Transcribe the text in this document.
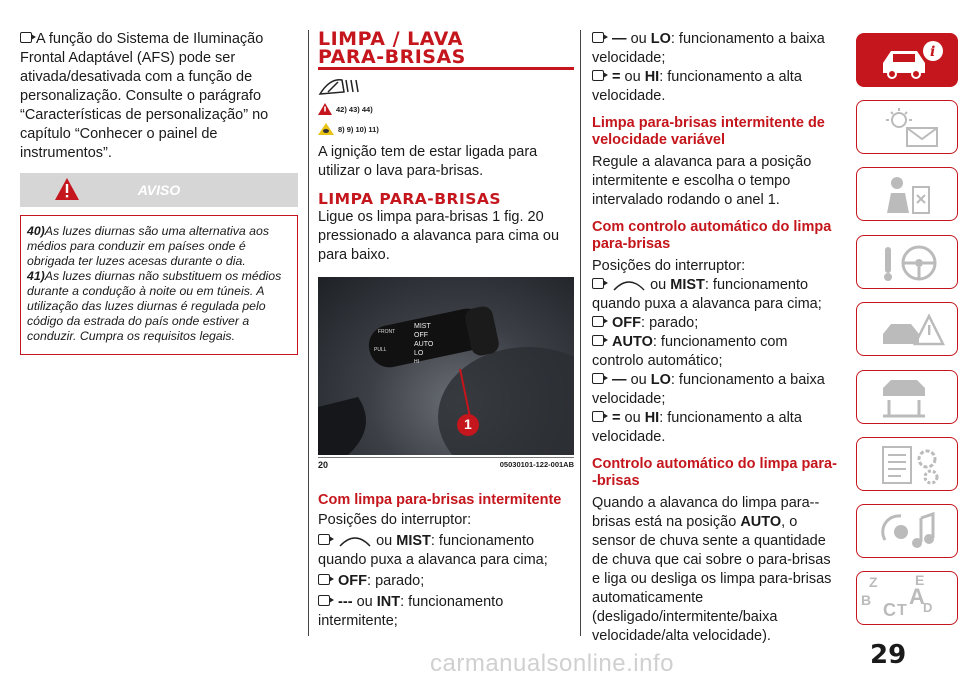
A função do Sistema de Iluminação Frontal Adaptável (AFS) pode ser ativada/desativada com a função de personalização. Consulte o parágrafo “Características de personalização” no capítulo “Conhecer o painel de instrumentos”.

AVISO

40)As luzes diurnas são uma alternativa aos médios para conduzir em países onde é obrigada ter luzes acesas durante o dia.

41)As luzes diurnas não substituem os médios durante a condução à noite ou em túneis. A utilização das luzes diurnas é regulada pelo código da estrada do país onde estiver a conduzir. Cumpra os requisitos legais.

LIMPA / LAVA
PARA-BRISAS
42) 43) 44)
8) 9) 10) 11)

A ignição tem de estar ligada para utilizar o lava para-brisas.

LIMPA PARA-BRISAS

Ligue os limpa para-brisas 1 fig. 20 pressionado a alavanca para cima ou para baixo.

FRONT
PULL
MIST
OFF
AUTO
LO
HI
1
20	05030101-122-001AB
Com limpa para-brisas intermitente

Posições do interruptor:

ou MIST: funcionamento quando puxa a alavanca para cima;

OFF: parado;

--- ou INT: funcionamento intermitente;

— ou LO: funcionamento a baixa velocidade;

= ou HI: funcionamento a alta velocidade.

Limpa para-brisas intermitente de velocidade variável

Regule a alavanca para a posição intermitente e escolha o tempo intervalado rodando o anel 1.

Com controlo automático do limpa para-brisas

Posições do interruptor:

ou MIST: funcionamento quando puxa a alavanca para cima;

OFF: parado;

AUTO: funcionamento com controlo automático;

— ou LO: funcionamento a baixa velocidade;

= ou HI: funcionamento a alta velocidade.

Controlo automático do limpa para--brisas

Quando a alavanca do limpa para--brisas está na posição AUTO, o sensor de chuva sente a quantidade de chuva que cai sobre o para-brisas e liga ou desliga os limpa para-brisas automaticamente (desligado/intermitente/baixa velocidade/alta velocidade).

i
Z	E
B A
C T D
29
carmanualsonline.info
